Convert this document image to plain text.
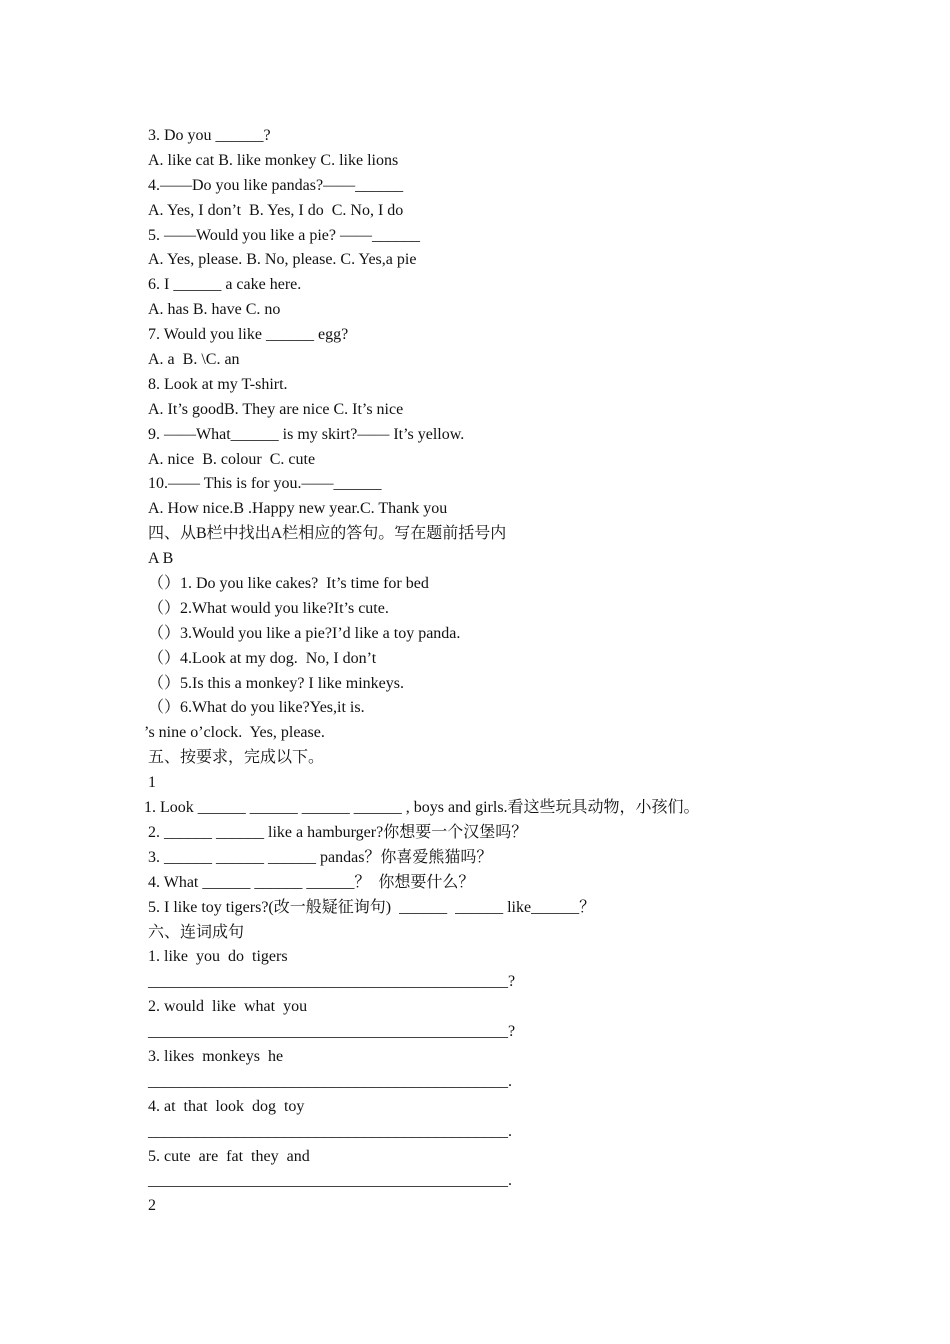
3. Do you ______?
A. like cat B. like monkey C. like lions
4.——Do you like pandas?——______
A. Yes, I don’t  B. Yes, I do  C. No, I do
5. ——Would you like a pie? ——______
A. Yes, please. B. No, please. C. Yes,a pie
6. I ______ a cake here.
A. has B. have C. no
7. Would you like ______ egg?
A. a  B. \C. an
8. Look at my T-shirt.
A. It’s goodB. They are nice C. It’s nice
9. ——What______ is my skirt?—— It’s yellow.
A. nice  B. colour  C. cute
10.—— This is for you.——______
A. How nice.B .Happy new year.C. Thank you
四、从B栏中找出A栏相应的答句。写在题前括号内
A B
（）1. Do you like cakes?  It’s time for bed
（）2.What would you like?It’s cute.
（）3.Would you like a pie?I’d like a toy panda.
（）4.Look at my dog.  No, I don’t
（）5.Is this a monkey? I like minkeys.
（）6.What do you like?Yes,it is.
’s nine o’clock.  Yes, please.
五、按要求，完成以下。
1
1. Look ______ ______ ______ ______ , boys and girls.看这些玩具动物，小孩们。
2. ______ ______ like a hamburger?你想要一个汉堡吗？
3. ______ ______ ______ pandas？你喜爱熊猫吗？
4. What ______ ______ ______？  你想要什么？
5. I like toy tigers?(改一般疑征询句)  ______  ______ like______？
六、连词成句
1. like  you  do  tigers
_____________________________________________?
2. would  like  what  you
_____________________________________________?
3. likes  monkeys  he
_____________________________________________.
4. at  that  look  dog  toy
_____________________________________________.
5. cute  are  fat  they  and
_____________________________________________.
2
